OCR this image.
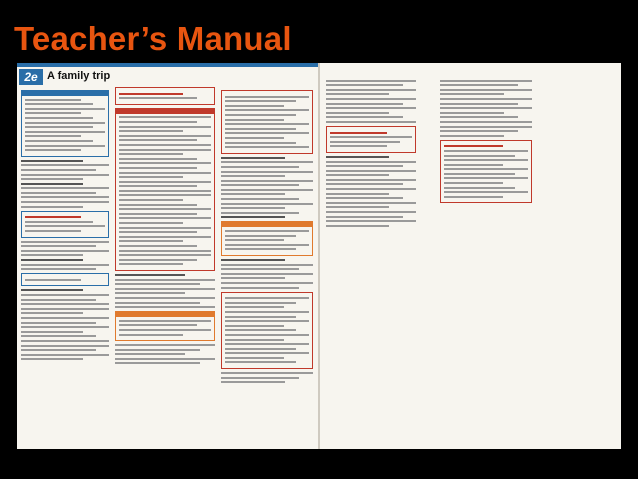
Teacher’s Manual
2e A family trip
